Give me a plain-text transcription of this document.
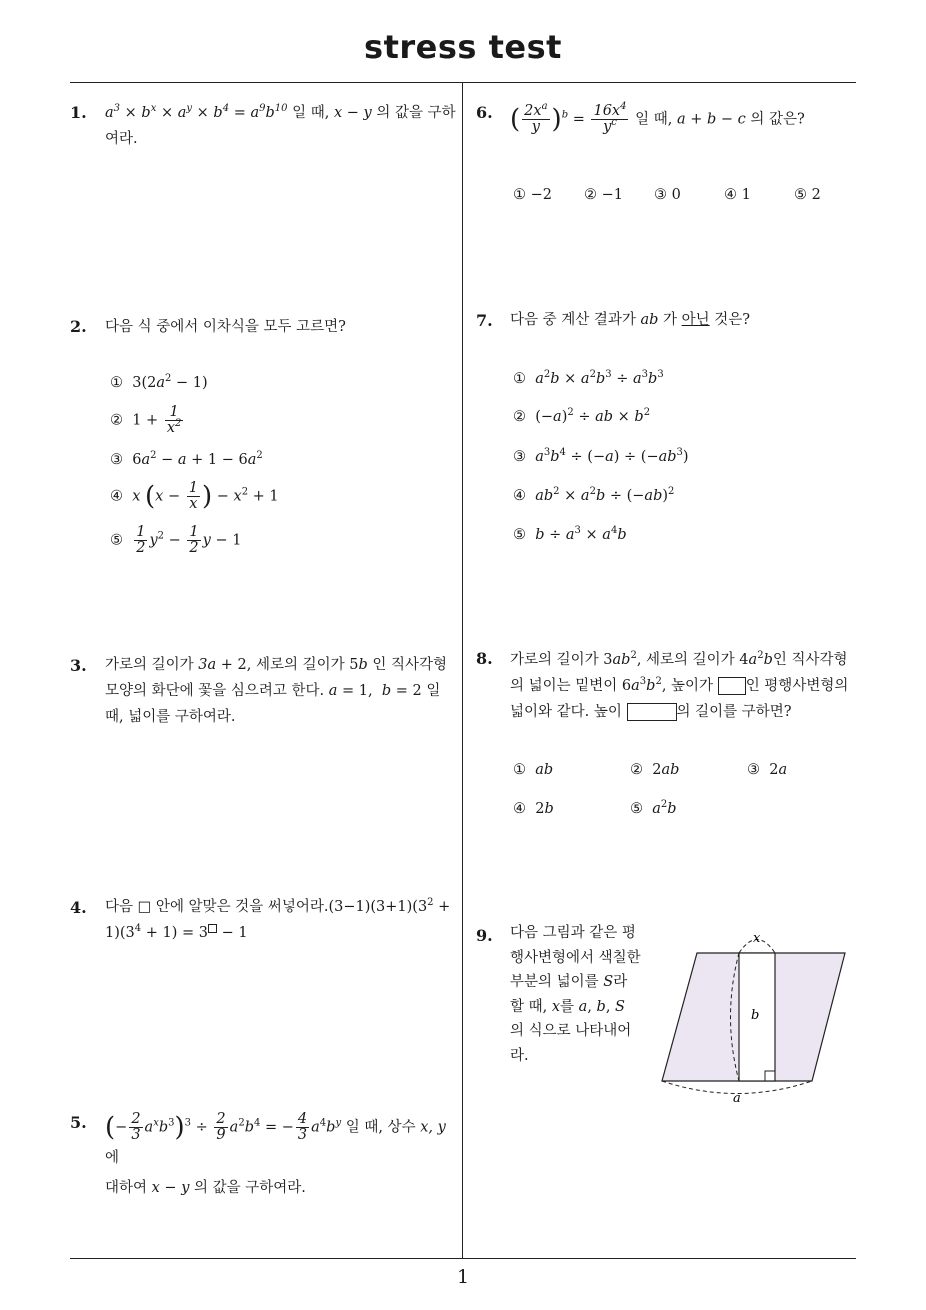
stress test
1
1. $a^3 \times b^x \times a^y \times b^4 = a^9b^{10}$ 일 때, x − y 의 값을 구하
여라.
2. 다음 식 중에서 이차식을 모두 고르면?
①  $3(2a^2 - 1)$
②  $1 + \frac{1}{x^2}$
③  $6a^2 - a + 1 - 6a^2$
④ x ($x - \frac{1}{x}$ ) − $x^2 + 1$
⑤ $\frac{1}{2} y^2 - \frac{1}{2}$ y − 1
3. 가로의 길이가 3a + 2, 세로의 길이가 5b 인 직사각형
모양의 화단에 꽃을 심으려고 한다. a = 1,  b = 2 일
때, 넓이를 구하여라.
4. 다음 □ 안에 알맞은 것을 써넣어라$.(3-1)(3+1)(3^2$ +
$1)(3^4 + 1) = 3 - 1$
5. (− $\frac{2}{3} a^xb^3)^3 \div \frac{2}{9} a^2b^4$ = − $\frac{4}{3} a^4b^y$ 일 때, 상수 x, y 에
대하여 x − y 의 값을 구하여라.
6. ( $\frac{2x^a}{y} )^b = \frac{16x^4}{y^c}$ 일 때, a + b − c 의 값은?
① −2 ② −1 ③ 0	④ 1	⑤ 2
7. 다음 중 계산 결과가 ab 가 아닌 것은?
① $a^2b \times a^2b^3 \div a^3b^3$
②  $(-a)^2$ ÷ ab × $b^2$
③ $a^3b^4 \div (-a) \div (-ab^3)$
④ $ab^2 \times a^2b \div (-ab)^2$
⑤ $b \div a^3 \times a^4b$
8. 가로의 길이가 $3ab^2$, 세로의 길이가 $4a^2b$인 직사각형
의 넓이는 밑변이 $6a^3b^2$, 높이가 인 평행사변형의
넓이와 같다. 높이	의 길이를 구하면?
① ab	②  2ab	③  2a
④  2b	⑤ $a^2b$
9. 다음 그림과 같은 평
행사변형에서 색칠한
부분의 넓이를 S라
할 때, x를 a, b, S
의 식으로 나타내어
라.
x
b
a
